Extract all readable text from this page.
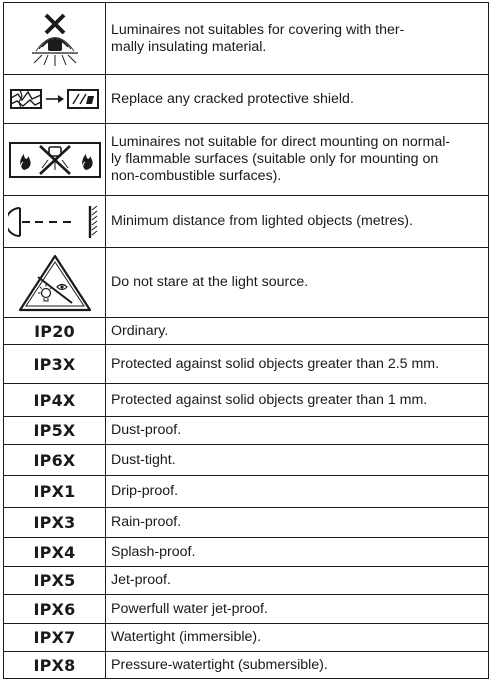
Luminaires not suitables for covering with ther-
mally insulating material.

Replace any cracked protective shield.

Luminaires not suitable for direct mounting on normal-
ly flammable surfaces (suitable only for mounting on
non-combustible surfaces).

Minimum distance from lighted objects (metres).

Do not stare at the light source.

IP20	Ordinary.
IP3X	Protected against solid objects greater than 2.5 mm.
IP4X	Protected against solid objects greater than 1 mm.
IP5X	Dust-proof.
IP6X	Dust-tight.
IPX1	Drip-proof.
IPX3	Rain-proof.
IPX4	Splash-proof.
IPX5	Jet-proof.
IPX6	Powerfull water jet-proof.
IPX7	Watertight (immersible).
IPX8	Pressure-watertight (submersible).
